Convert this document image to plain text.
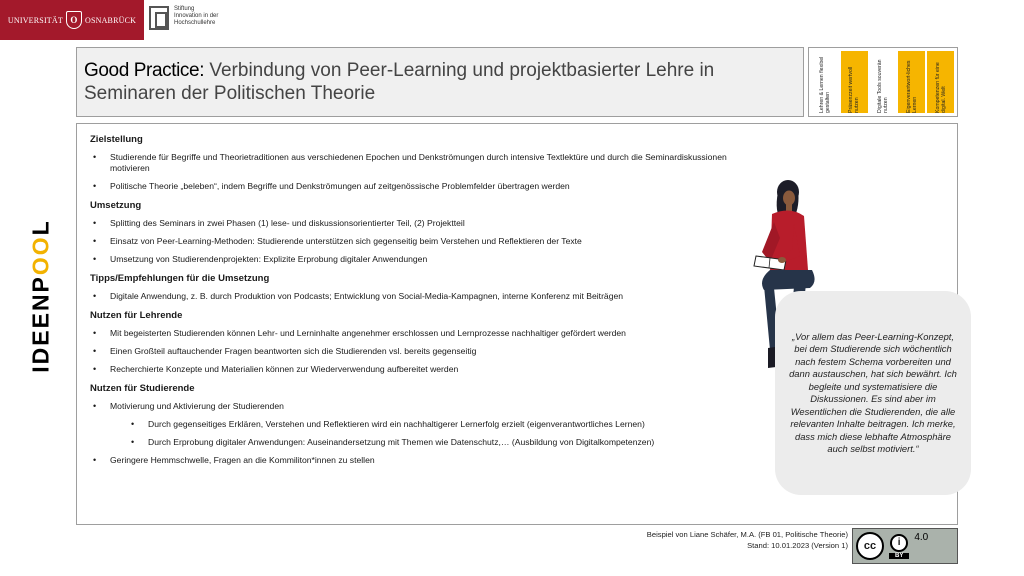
UNIVERSITÄT O OSNABRÜCK
Stiftung
Innovation in der
Hochschullehre
IDEENPOOL
Good Practice: Verbindung von Peer-Learning und projektbasierter Lehre in Seminaren der Politischen Theorie	Lehren & Lernen flexibel gestalten	Präsenzzeit wertvoll nutzen	Digitale Tools souverän nutzen	Eigenverantwort-liches Lernen	Kompetenzen für eine digital. Welt
Zielstellung
• Studierende für Begriffe und Theorietraditionen aus verschiedenen Epochen und Denkströmungen durch intensive Textlektüre und durch die Seminardiskussionen motivieren
• Politische Theorie „beleben“, indem Begriffe und Denkströmungen auf zeitgenössische Problemfelder übertragen werden
Umsetzung
• Splitting des Seminars in zwei Phasen (1) lese- und diskussionsorientierter Teil, (2) Projektteil
• Einsatz von Peer-Learning-Methoden: Studierende unterstützen sich gegenseitig beim Verstehen und Reflektieren der Texte
• Umsetzung von Studierendenprojekten: Explizite Erprobung digitaler Anwendungen
Tipps/Empfehlungen für die Umsetzung
• Digitale Anwendung, z. B. durch Produktion von Podcasts; Entwicklung von Social-Media-Kampagnen, interne Konferenz mit Beiträgen
Nutzen für Lehrende
• Mit begeisterten Studierenden können Lehr- und Lerninhalte angenehmer erschlossen und Lernprozesse nachhaltiger gefördert werden
• Einen Großteil auftauchender Fragen beantworten sich die Studierenden vsl. bereits gegenseitig
• Recherchierte Konzepte und Materialien können zur Wiederverwendung aufbereitet werden
Nutzen für Studierende
• Motivierung und Aktivierung der Studierenden
• Durch gegenseitiges Erklären, Verstehen und Reflektieren wird ein nachhaltigerer Lernerfolg erzielt (eigenverantwortliches Lernen)
• Durch Erprobung digitaler Anwendungen: Auseinandersetzung mit Themen wie Datenschutz,… (Ausbildung von Digitalkompetenzen)
• Geringere Hemmschwelle, Fragen an die Kommiliton*innen zu stellen

„Vor allem das Peer-Learning-Konzept, bei dem Studierende sich wöchentlich nach festem Schema vorbereiten und dann austauschen, hat sich bewährt. Ich begleite und systematisiere die Diskussionen. Es sind aber im Wesentlichen die Studierenden, die alle relevanten Inhalte beitragen. Ich merke, dass mich diese lebhafte Atmosphäre auch selbst motiviert.“

Beispiel von Liane Schäfer, M.A. (FB 01, Politische Theorie)
Stand: 10.01.2023 (Version 1)	cc	i
BY
4.0
